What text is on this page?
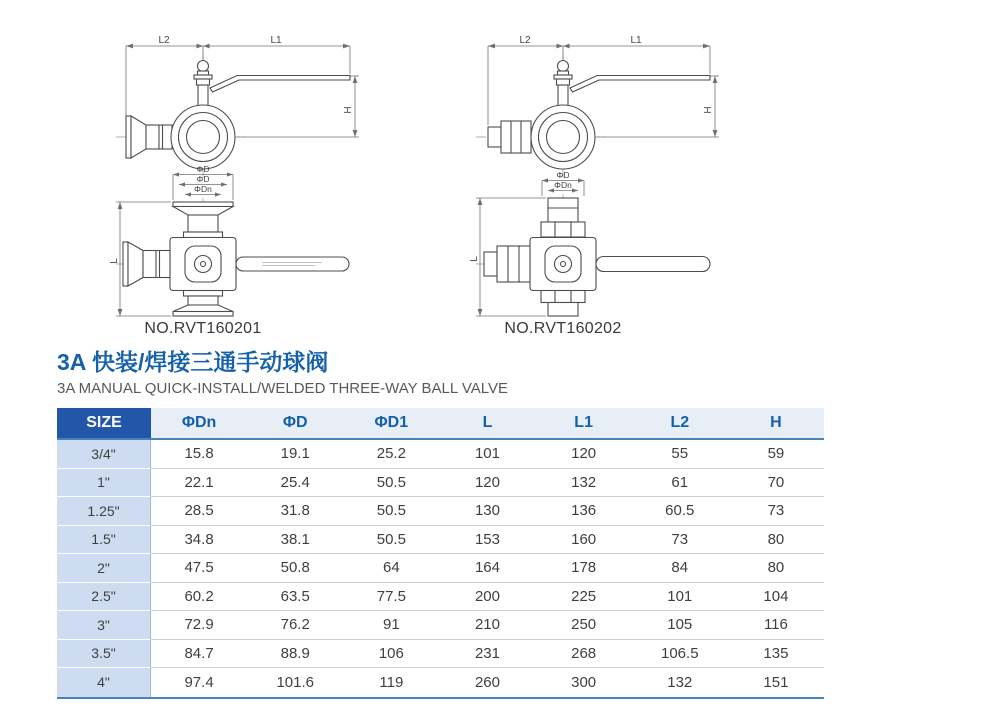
L2	L1
H
ΦD
ΦD
ΦDn
L
NO.RVT160201
L2	L1
H
ΦD
ΦDn
L
NO.RVT160202
3A 快装/焊接三通手动球阀
3A MANUAL QUICK-INSTALL/WELDED THREE-WAY BALL VALVE
SIZE	ΦDn	ΦD	ΦD1	L	L1	L2	H
3/4"	15.8	19.1	25.2	101	120	55	59
1"	22.1	25.4	50.5	120	132	61	70
1.25"	28.5	31.8	50.5	130	136	60.5	73
1.5"	34.8	38.1	50.5	153	160	73	80
2"	47.5	50.8	64	164	178	84	80
2.5"	60.2	63.5	77.5	200	225	101	104
3"	72.9	76.2	91	210	250	105	116
3.5"	84.7	88.9	106	231	268	106.5	135
4"	97.4	101.6	119	260	300	132	151
